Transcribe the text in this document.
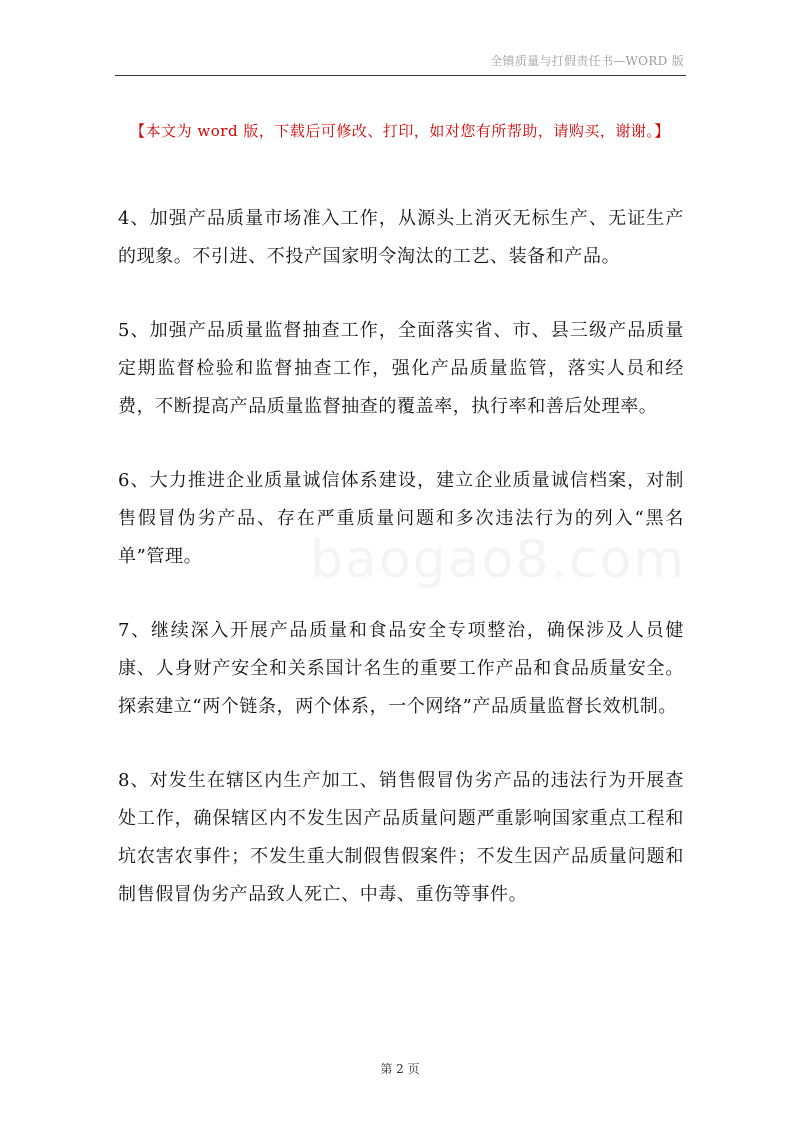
全镇质量与打假责任书—WORD 版
【本文为 word 版，下载后可修改、打印，如对您有所帮助，请购买，谢谢。】
baogao8.com

4、加强产品质量市场准入工作，从源头上消灭无标生产、无证生产的现象。不引进、不投产国家明令淘汰的工艺、装备和产品。

5、加强产品质量监督抽查工作，全面落实省、市、县三级产品质量定期监督检验和监督抽查工作，强化产品质量监管，落实人员和经费，不断提高产品质量监督抽查的覆盖率，执行率和善后处理率。

6、大力推进企业质量诚信体系建设，建立企业质量诚信档案，对制售假冒伪劣产品、存在严重质量问题和多次违法行为的列入“黑名单”管理。

7、继续深入开展产品质量和食品安全专项整治，确保涉及人员健康、人身财产安全和关系国计名生的重要工作产品和食品质量安全。探索建立“两个链条，两个体系，一个网络”产品质量监督长效机制。

8、对发生在辖区内生产加工、销售假冒伪劣产品的违法行为开展查处工作，确保辖区内不发生因产品质量问题严重影响国家重点工程和坑农害农事件；不发生重大制假售假案件；不发生因产品质量问题和制售假冒伪劣产品致人死亡、中毒、重伤等事件。

第 2 页
